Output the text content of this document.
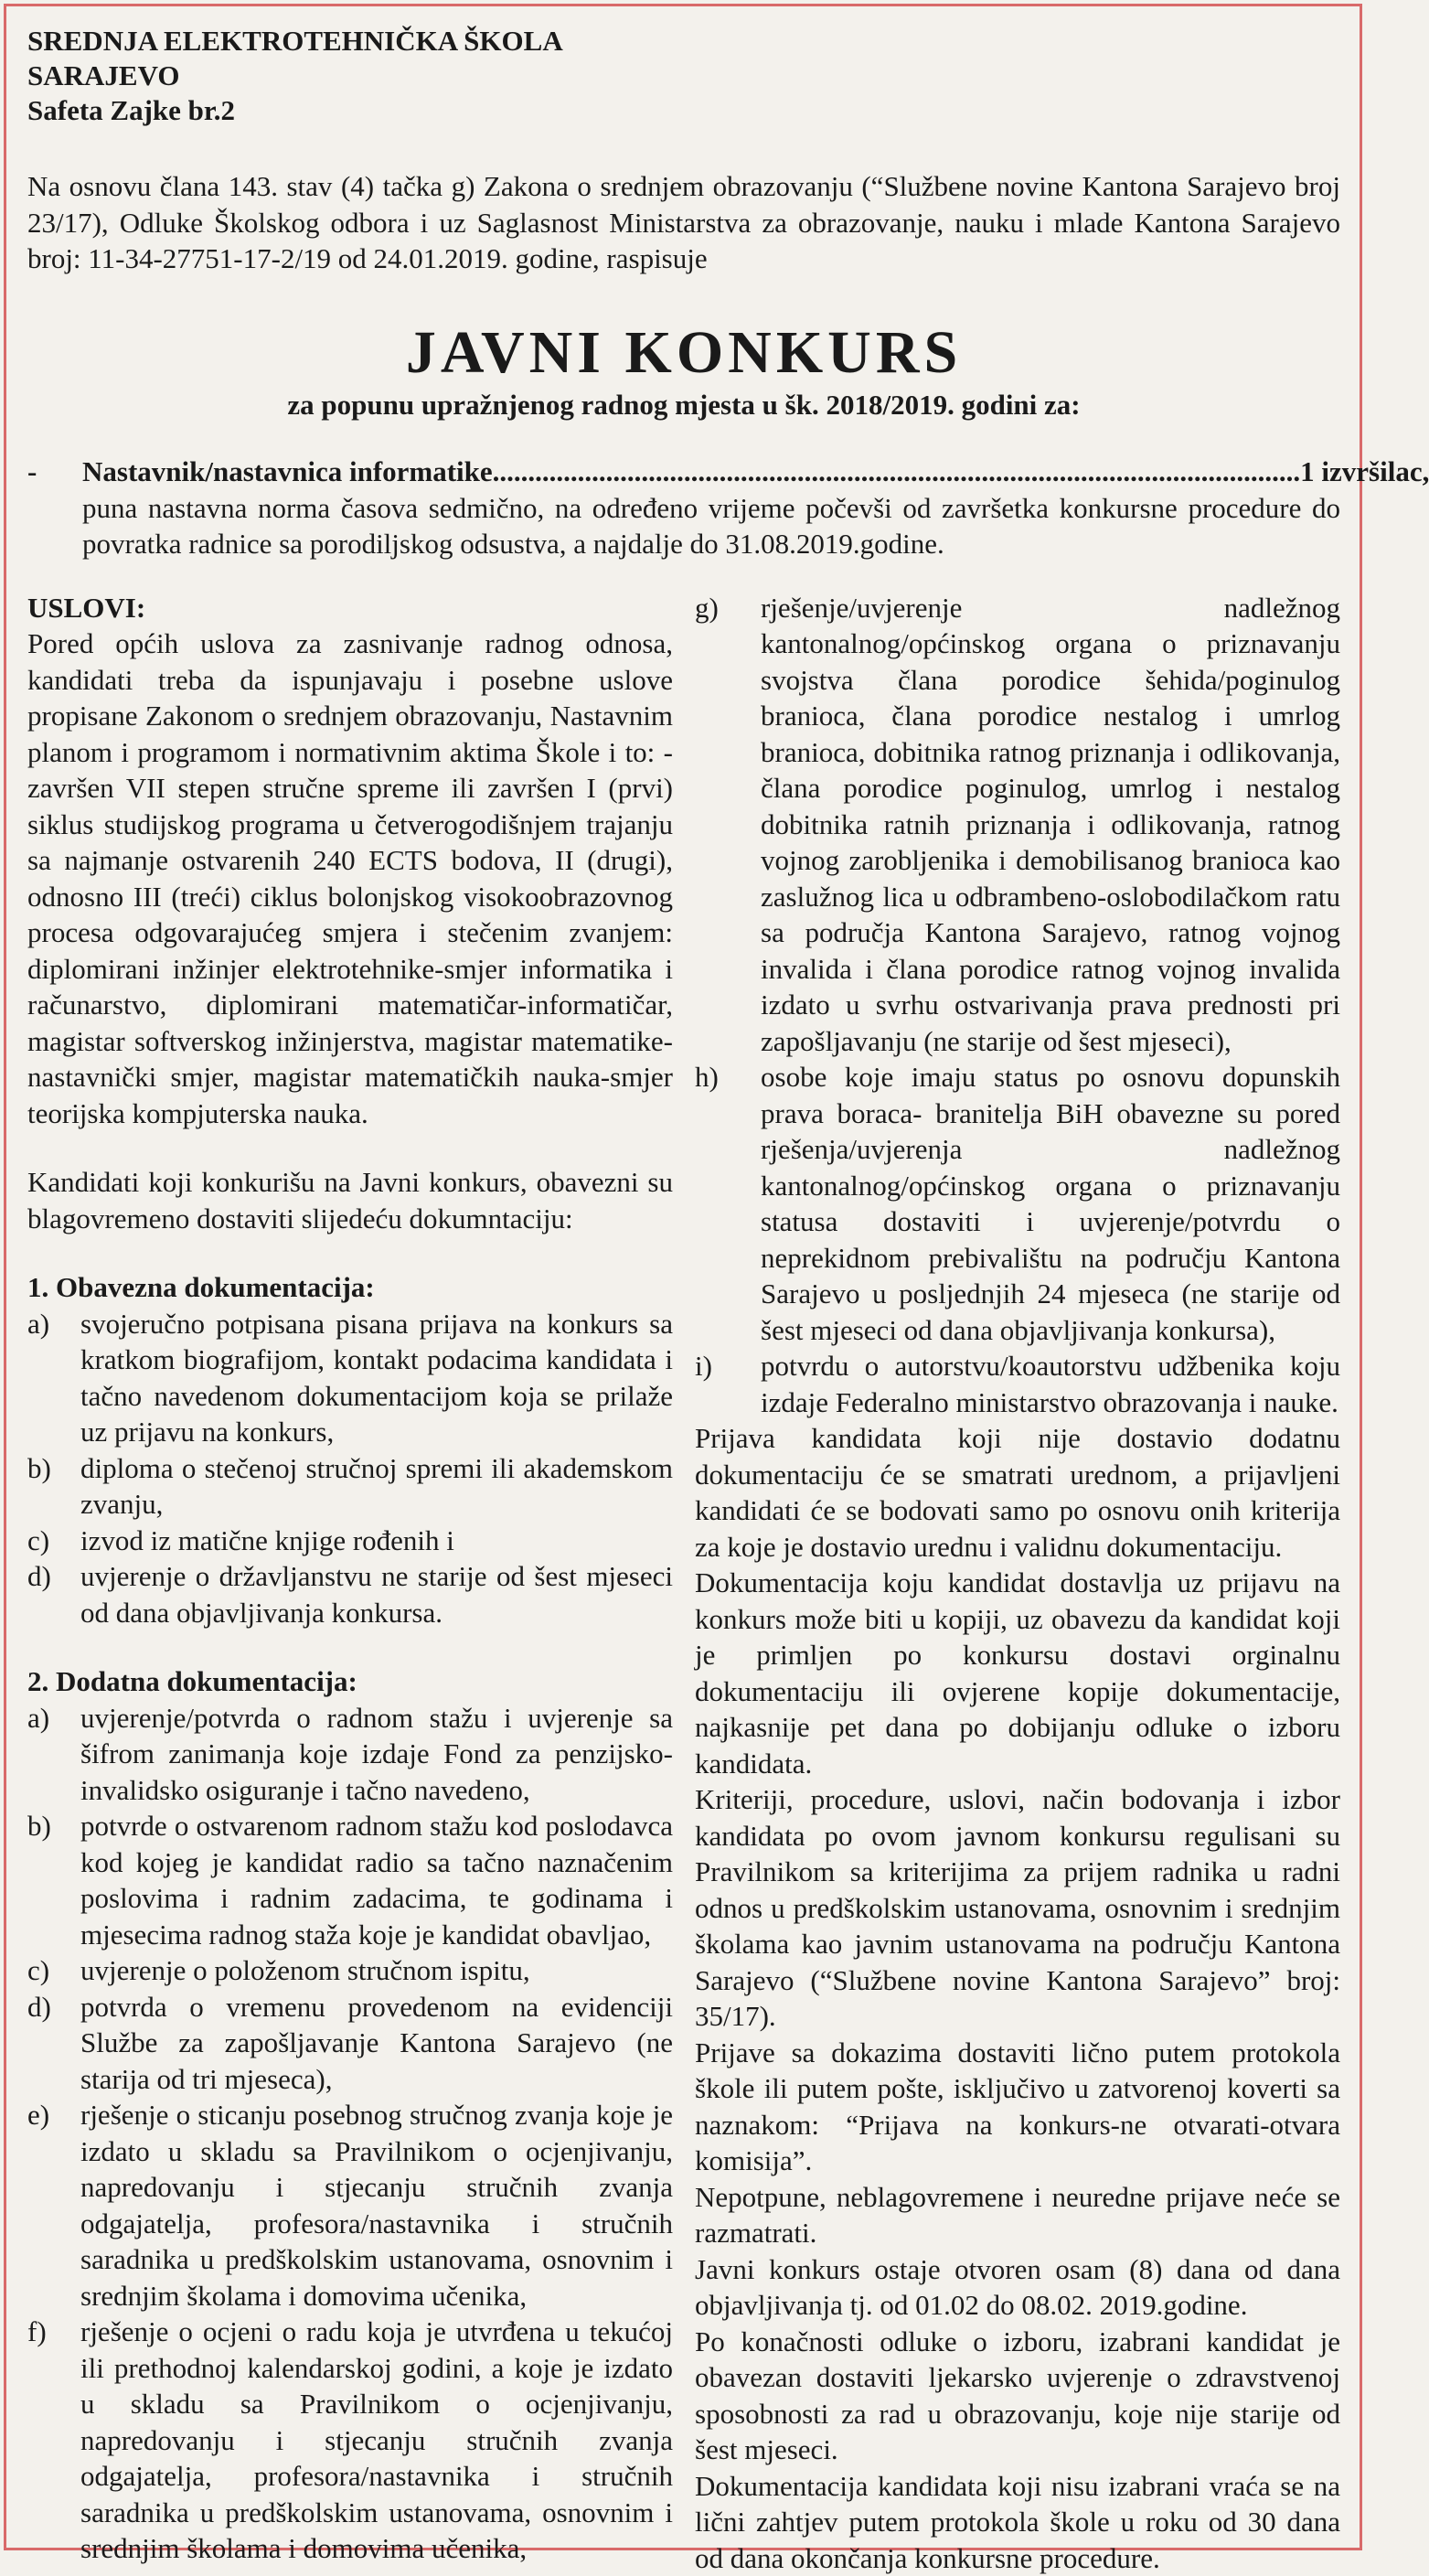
SREDNJA ELEKTROTEHNIČKA ŠKOLA
SARAJEVO
Safeta Zajke br.2
Na osnovu člana 143. stav (4) tačka g) Zakona o srednjem obrazovanju (“Službene novine Kantona Sarajevo broj 23/17), Odluke Školskog odbora i uz Saglasnost Ministarstva za obrazovanje, nauku i mlade Kantona Sarajevo broj: 11-34-27751-17-2/19 od 24.01.2019. godine, raspisuje
JAVNI KONKURS
za popunu upražnjenog radnog mjesta u šk. 2018/2019. godini za:
- Nastavnik/nastavnica informatike .................................................................................................................. 1 izvršilac,
puna nastavna norma časova sedmično, na određeno vrijeme počevši od završetka konkursne procedure do povratka radnice sa porodiljskog odsustva, a najdalje do 31.08.2019.godine.

USLOVI:

Pored općih uslova za zasnivanje radnog odnosa, kandidati treba da ispunjavaju i posebne uslove propisane Zakonom o srednjem obrazovanju, Nastavnim planom i programom i normativnim aktima Škole i to: -završen VII stepen stručne spreme ili završen I (prvi) siklus studijskog programa u četverogodišnjem trajanju sa najmanje ostvarenih 240 ECTS bodova, II (drugi), odnosno III (treći) ciklus bolonjskog visokoobrazovnog procesa odgovarajućeg smjera i stečenim zvanjem: diplomirani inžinjer elektrotehnike-smjer informatika i računarstvo, diplomirani matematičar-informatičar, magistar softverskog inžinjerstva, magistar matematike-nastavnički smjer, magistar matematičkih nauka-smjer teorijska kompjuterska nauka.

Kandidati koji konkurišu na Javni konkurs, obavezni su blagovremeno dostaviti slijedeću dokumntaciju:

1. Obavezna dokumentacija:

a)	svojeručno potpisana pisana prijava na konkurs sa kratkom biografijom, kontakt podacima kandidata i tačno navedenom dokumentacijom koja se prilaže uz prijavu na konkurs,
b)	diploma o stečenoj stručnoj spremi ili akademskom zvanju,
c)	izvod iz matične knjige rođenih i
d)	uvjerenje o državljanstvu ne starije od šest mjeseci od dana objavljivanja konkursa.

2. Dodatna dokumentacija:

a)	uvjerenje/potvrda o radnom stažu i uvjerenje sa šifrom zanimanja koje izdaje Fond za penzijsko-invalidsko osiguranje i tačno navedeno,
b)	potvrde o ostvarenom radnom stažu kod poslodavca kod kojeg je kandidat radio sa tačno naznačenim poslovima i radnim zadacima, te godinama i mjesecima radnog staža koje je kandidat obavljao,
c)	uvjerenje o položenom stručnom ispitu,
d)	potvrda o vremenu provedenom na evidenciji Službe za zapošljavanje Kantona Sarajevo (ne starija od tri mjeseca),
e)	rješenje o sticanju posebnog stručnog zvanja koje je izdato u skladu sa Pravilnikom o ocjenjivanju, napredovanju i stjecanju stručnih zvanja odgajatelja, profesora/nastavnika i stručnih saradnika u predškolskim ustanovama, osnovnim i srednjim školama i domovima učenika,
f)	rješenje o ocjeni o radu koja je utvrđena u tekućoj ili prethodnoj kalendarskoj godini, a koje je izdato u skladu sa Pravilnikom o ocjenjivanju, napredovanju i stjecanju stručnih zvanja odgajatelja, profesora/nastavnika i stručnih saradnika u predškolskim ustanovama, osnovnim i srednjim školama i domovima učenika,
g)	rješenje/uvjerenje nadležnog kantonalnog/općinskog organa o priznavanju svojstva člana porodice šehida/poginulog branioca, člana porodice nestalog i umrlog branioca, dobitnika ratnog priznanja i odlikovanja, člana porodice poginulog, umrlog i nestalog dobitnika ratnih priznanja i odlikovanja, ratnog vojnog zarobljenika i demobilisanog branioca kao zaslužnog lica u odbrambeno-oslobodilačkom ratu sa područja Kantona Sarajevo, ratnog vojnog invalida i člana porodice ratnog vojnog invalida izdato u svrhu ostvarivanja prava prednosti pri zapošljavanju (ne starije od šest mjeseci),
h)	osobe koje imaju status po osnovu dopunskih prava boraca- branitelja BiH obavezne su pored rješenja/uvjerenja nadležnog kantonalnog/općinskog organa o priznavanju statusa dostaviti i uvjerenje/potvrdu o neprekidnom prebivalištu na području Kantona Sarajevo u posljednjih 24 mjeseca (ne starije od šest mjeseci od dana objavljivanja konkursa),
i)	potvrdu o autorstvu/koautorstvu udžbenika koju izdaje Federalno ministarstvo obrazovanja i nauke.

Prijava kandidata koji nije dostavio dodatnu dokumentaciju će se smatrati urednom, a prijavljeni kandidati će se bodovati samo po osnovu onih kriterija za koje je dostavio urednu i validnu dokumentaciju.

Dokumentacija koju kandidat dostavlja uz prijavu na konkurs može biti u kopiji, uz obavezu da kandidat koji je primljen po konkursu dostavi orginalnu dokumentaciju ili ovjerene kopije dokumentacije, najkasnije pet dana po dobijanju odluke o izboru kandidata.

Kriteriji, procedure, uslovi, način bodovanja i izbor kandidata po ovom javnom konkursu regulisani su Pravilnikom sa kriterijima za prijem radnika u radni odnos u predškolskim ustanovama, osnovnim i srednjim školama kao javnim ustanovama na području Kantona Sarajevo (“Službene novine Kantona Sarajevo” broj: 35/17).

Prijave sa dokazima dostaviti lično putem protokola škole ili putem pošte, isključivo u zatvorenoj koverti sa naznakom: “Prijava na konkurs-ne otvarati-otvara komisija”.

Nepotpune, neblagovremene i neuredne prijave neće se razmatrati.

Javni konkurs ostaje otvoren osam (8) dana od dana objavljivanja tj. od 01.02 do 08.02. 2019.godine.

Po konačnosti odluke o izboru, izabrani kandidat je obavezan dostaviti ljekarsko uvjerenje o zdravstvenoj sposobnosti za rad u obrazovanju, koje nije starije od šest mjeseci.

Dokumentacija kandidata koji nisu izabrani vraća se na lični zahtjev putem protokola škole u roku od 30 dana od dana okončanja konkursne procedure.
